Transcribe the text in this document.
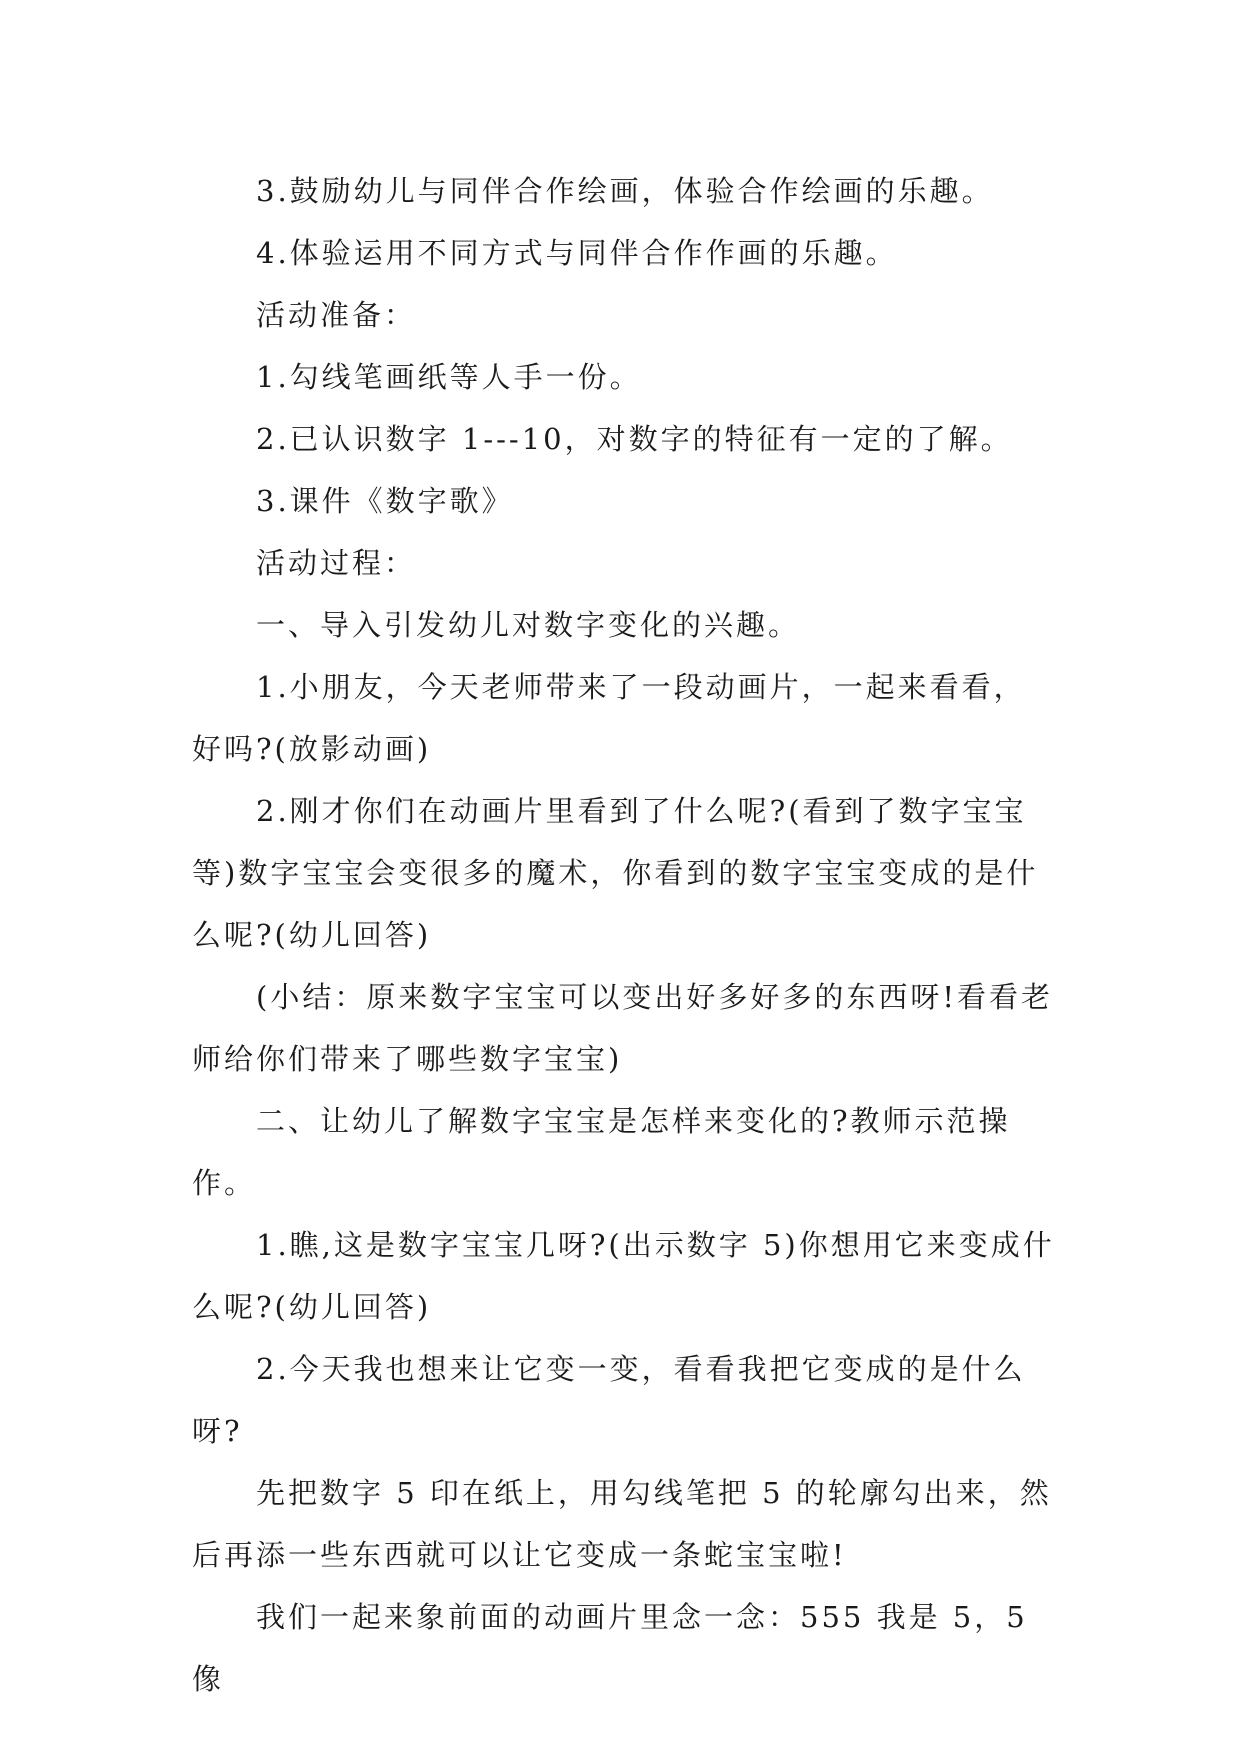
3.鼓励幼儿与同伴合作绘画，体验合作绘画的乐趣。

4.体验运用不同方式与同伴合作作画的乐趣。

活动准备：

1.勾线笔画纸等人手一份。

2.已认识数字 1---10，对数字的特征有一定的了解。

3.课件《数字歌》

活动过程：

一、导入引发幼儿对数字变化的兴趣。

1.小朋友，今天老师带来了一段动画片，一起来看看，好吗?(放影动画)

2.刚才你们在动画片里看到了什么呢?(看到了数字宝宝等)数字宝宝会变很多的魔术，你看到的数字宝宝变成的是什么呢?(幼儿回答)

(小结：原来数字宝宝可以变出好多好多的东西呀!看看老师给你们带来了哪些数字宝宝)

二、让幼儿了解数字宝宝是怎样来变化的?教师示范操作。

1.瞧,这是数字宝宝几呀?(出示数字 5)你想用它来变成什么呢?(幼儿回答)

2.今天我也想来让它变一变，看看我把它变成的是什么呀?

先把数字 5 印在纸上，用勾线笔把 5 的轮廓勾出来，然后再添一些东西就可以让它变成一条蛇宝宝啦!

我们一起来象前面的动画片里念一念：555 我是 5，5 像
